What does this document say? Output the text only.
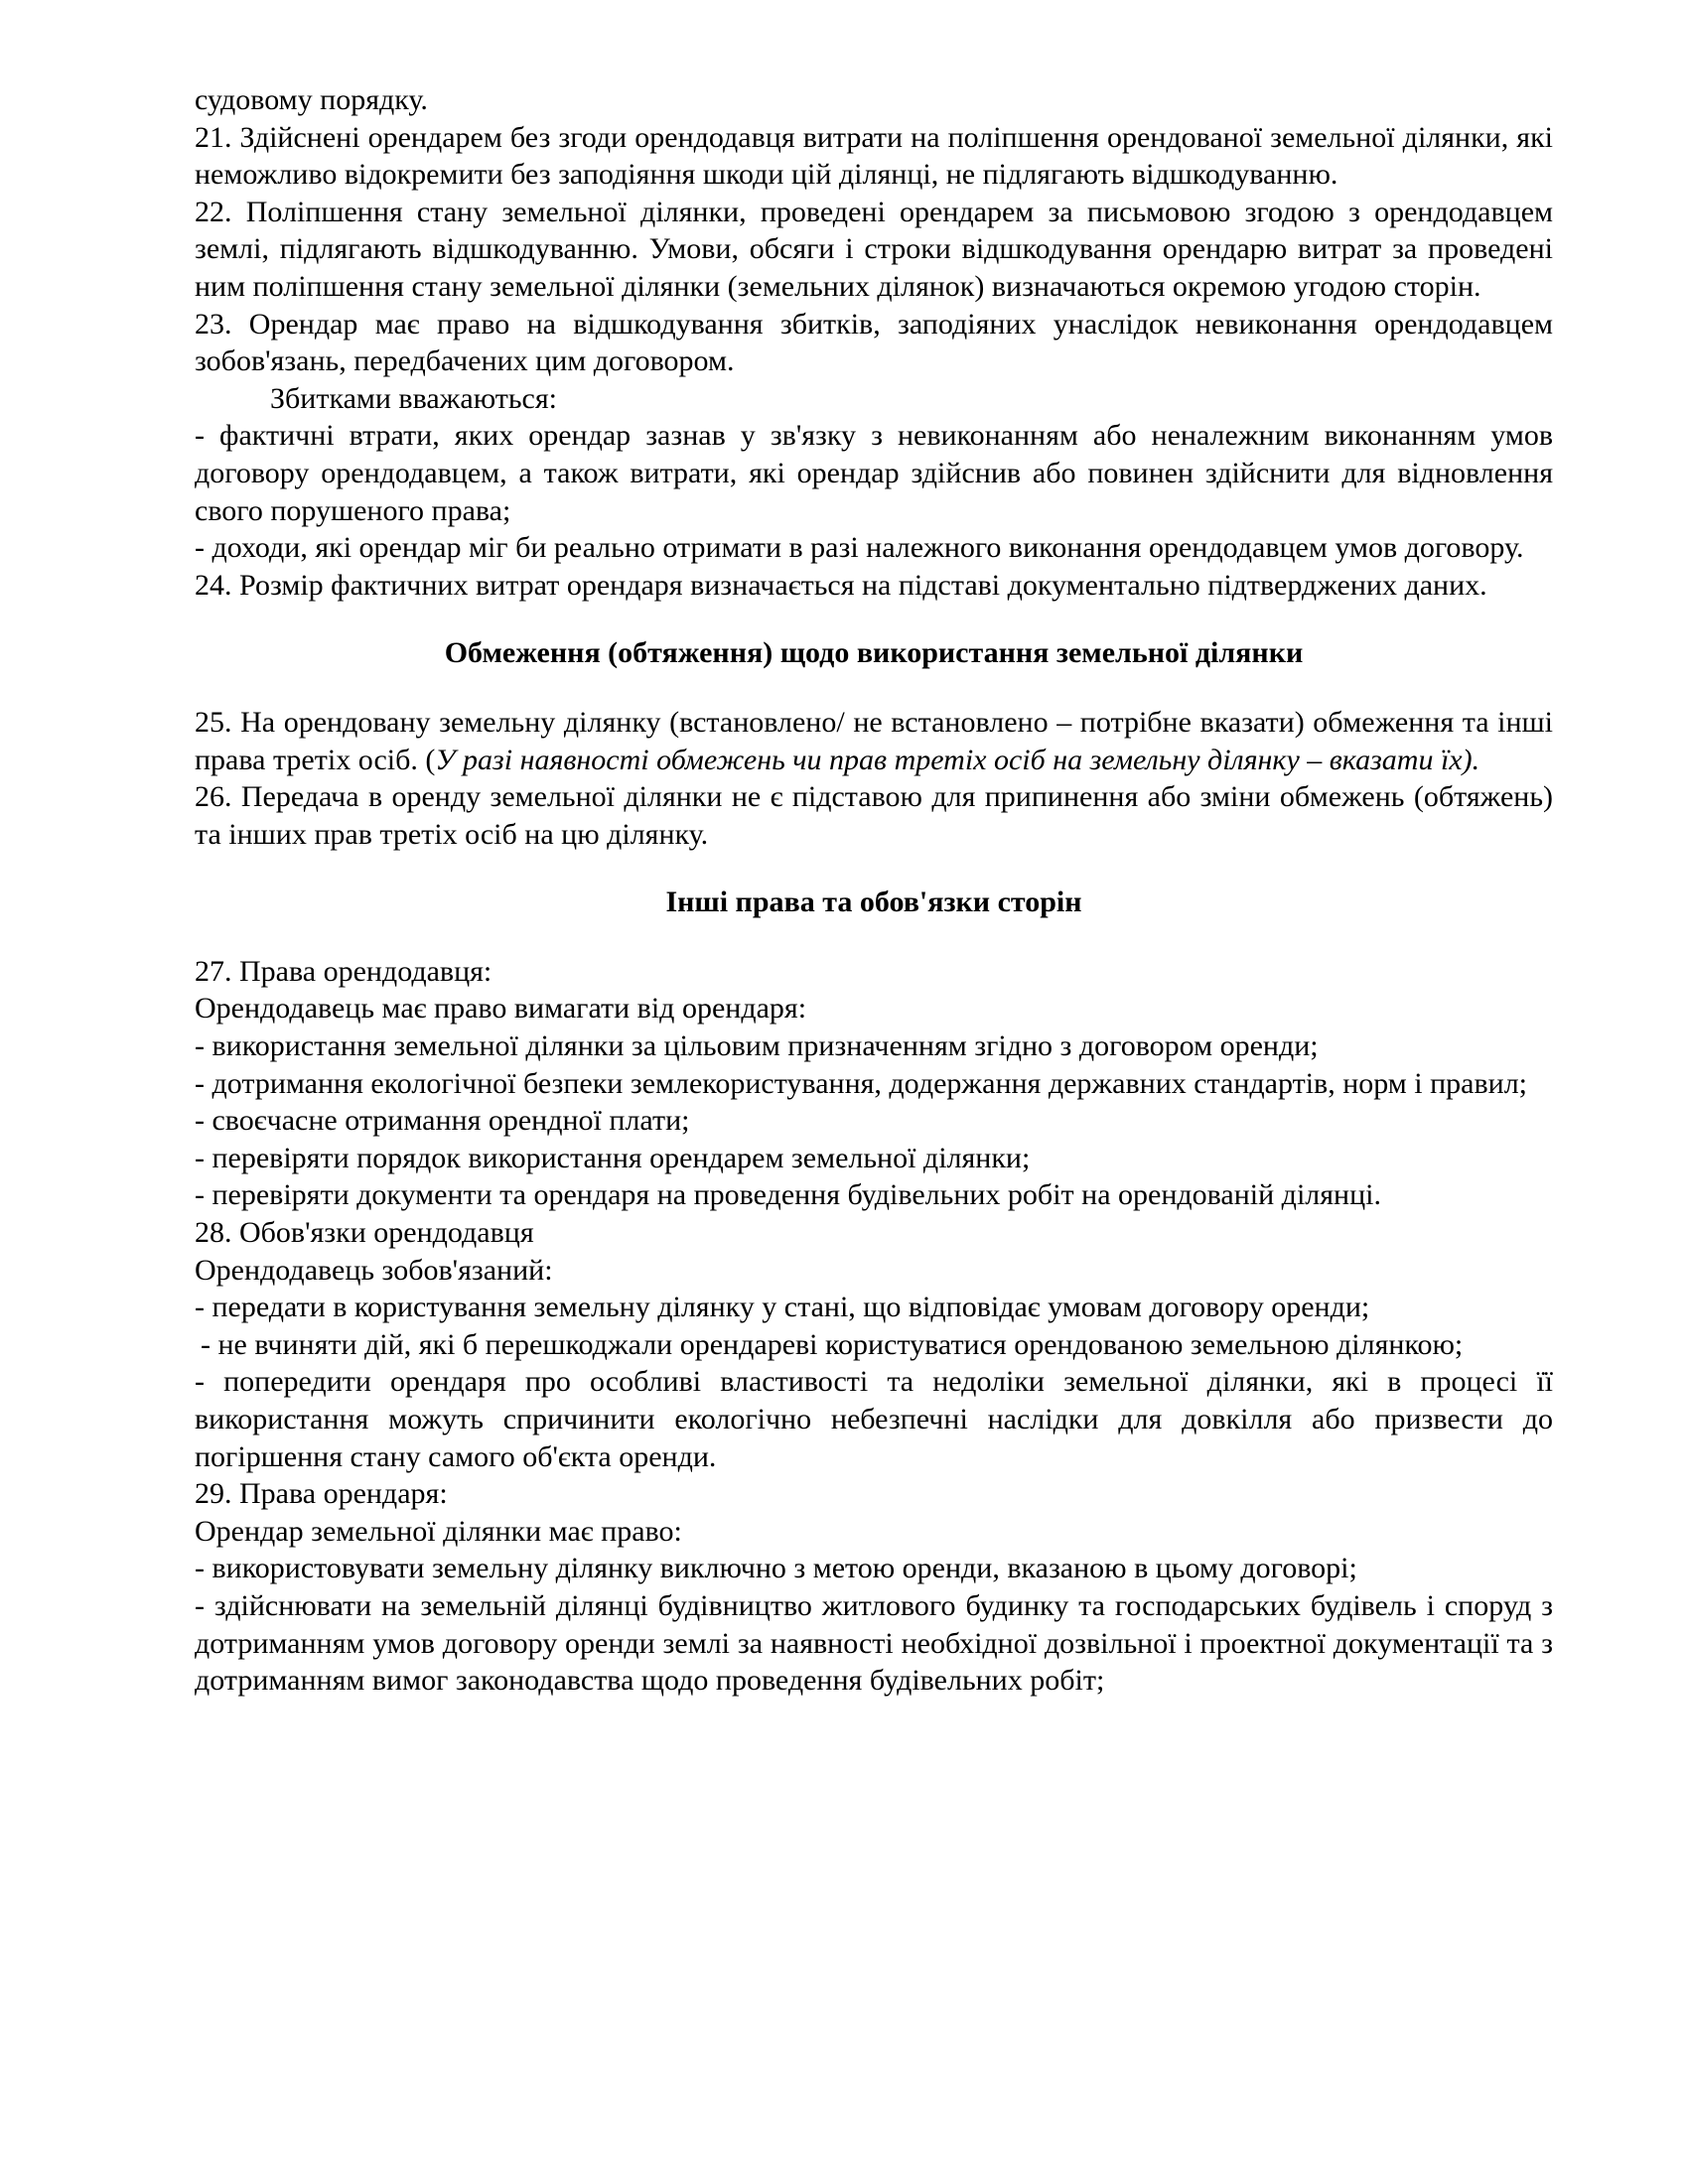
судовому порядку.

21. Здійснені орендарем без згоди орендодавця витрати на поліпшення орендованої земельної ділянки, які неможливо відокремити без заподіяння шкоди цій ділянці, не підлягають відшкодуванню.

22. Поліпшення стану земельної ділянки, проведені орендарем за письмовою згодою з орендодавцем землі, підлягають відшкодуванню. Умови, обсяги і строки відшкодування орендарю витрат за проведені ним поліпшення стану земельної ділянки (земельних ділянок) визначаються окремою угодою сторін.

23. Орендар має право на відшкодування збитків, заподіяних унаслідок невиконання орендодавцем зобов'язань, передбачених цим договором.

Збитками вважаються:

- фактичні втрати, яких орендар зазнав у зв'язку з невиконанням або неналежним виконанням умов договору орендодавцем, а також витрати, які орендар здійснив або повинен здійснити для відновлення свого порушеного права;

- доходи, які орендар міг би реально отримати в разі належного виконання орендодавцем умов договору.

24. Розмір фактичних витрат орендаря визначається на підставі документально підтверджених даних.

Обмеження (обтяження) щодо використання земельної ділянки

25. На орендовану земельну ділянку (встановлено/ не встановлено – потрібне вказати) обмеження та інші права третіх осіб. (У разі наявності обмежень чи прав третіх осіб на земельну ділянку – вказати їх).

26. Передача в оренду земельної ділянки не є підставою для припинення або зміни обмежень (обтяжень) та інших прав третіх осіб на цю ділянку.

Інші права та обов'язки сторін

27. Права орендодавця:

Орендодавець має право вимагати від орендаря:

- використання земельної ділянки за цільовим призначенням згідно з договором оренди;

- дотримання екологічної безпеки землекористування, додержання державних стандартів, норм і правил;

- своєчасне отримання орендної плати;

- перевіряти порядок використання орендарем земельної ділянки;

- перевіряти документи та орендаря на проведення будівельних робіт на орендованій ділянці.

28. Обов'язки орендодавця

Орендодавець зобов'язаний:

- передати в користування земельну ділянку у стані, що відповідає умовам договору оренди;

- не вчиняти дій, які б перешкоджали орендареві користуватися орендованою земельною ділянкою;

- попередити орендаря про особливі властивості та недоліки земельної ділянки, які в процесі її використання можуть спричинити екологічно небезпечні наслідки для довкілля або призвести до погіршення стану самого об'єкта оренди.

29. Права орендаря:

Орендар земельної ділянки має право:

- використовувати земельну ділянку виключно з метою оренди, вказаною в цьому договорі;

- здійснювати на земельній ділянці будівництво житлового будинку та господарських будівель і споруд з дотриманням умов договору оренди землі за наявності необхідної дозвільної і проектної документації та з дотриманням вимог законодавства щодо проведення будівельних робіт;
